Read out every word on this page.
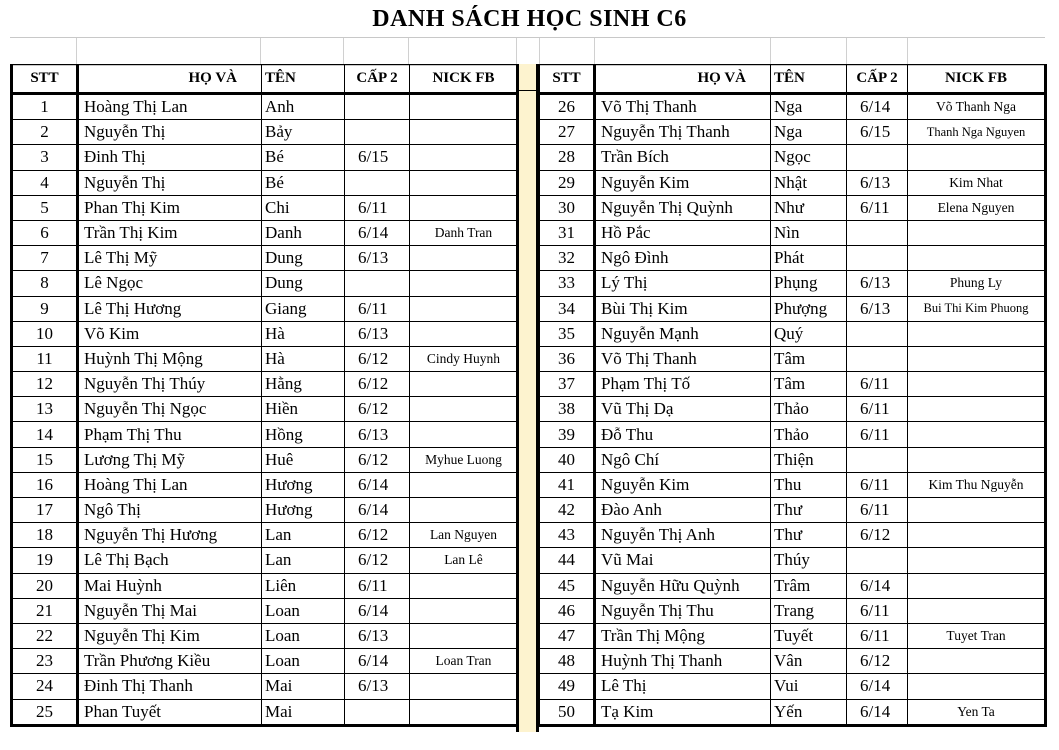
DANH SÁCH HỌC SINH C6
STT	HỌ VÀ	TÊN	CẤP 2	NICK FB
1	Hoàng Thị Lan	Anh		
2	Nguyễn Thị	Bảy		
3	Đinh Thị	Bé	6/15	
4	Nguyễn Thị	Bé		
5	Phan Thị Kim	Chi	6/11	
6	Trần Thị Kim	Danh	6/14	Danh Tran
7	Lê Thị Mỹ	Dung	6/13	
8	Lê Ngọc	Dung		
9	Lê Thị Hương	Giang	6/11	
10	Võ Kim	Hà	6/13	
11	Huỳnh Thị Mộng	Hà	6/12	Cindy Huynh
12	Nguyễn Thị Thúy	Hằng	6/12	
13	Nguyễn Thị Ngọc	Hiền	6/12	
14	Phạm Thị Thu	Hồng	6/13	
15	Lương Thị Mỹ	Huê	6/12	Myhue Luong
16	Hoàng Thị Lan	Hương	6/14	
17	Ngô Thị	Hương	6/14	
18	Nguyễn Thị Hương	Lan	6/12	Lan Nguyen
19	Lê Thị Bạch	Lan	6/12	Lan Lê
20	Mai Huỳnh	Liên	6/11	
21	Nguyễn Thị Mai	Loan	6/14	
22	Nguyễn Thị Kim	Loan	6/13	
23	Trần Phương Kiều	Loan	6/14	Loan Tran
24	Đinh Thị Thanh	Mai	6/13	
25	Phan Tuyết	Mai		
STT	HỌ VÀ	TÊN	CẤP 2	NICK FB
26	Võ Thị Thanh	Nga	6/14	Võ Thanh Nga
27	Nguyễn Thị Thanh	Nga	6/15	Thanh Nga Nguyen
28	Trần Bích	Ngọc		
29	Nguyễn Kim	Nhật	6/13	Kim Nhat
30	Nguyễn Thị Quỳnh	Như	6/11	Elena Nguyen
31	Hồ Pắc	Nìn		
32	Ngô Đình	Phát		
33	Lý Thị	Phụng	6/13	Phung Ly
34	Bùi Thị Kim	Phượng	6/13	Bui Thi Kim Phuong
35	Nguyễn Mạnh	Quý		
36	Võ Thị Thanh	Tâm		
37	Phạm Thị Tố	Tâm	6/11	
38	Vũ Thị Dạ	Thảo	6/11	
39	Đỗ Thu	Thảo	6/11	
40	Ngô Chí	Thiện		
41	Nguyễn Kim	Thu	6/11	Kim Thu Nguyễn
42	Đào Anh	Thư	6/11	
43	Nguyễn Thị Anh	Thư	6/12	
44	Vũ Mai	Thúy		
45	Nguyễn Hữu Quỳnh	Trâm	6/14	
46	Nguyễn Thị Thu	Trang	6/11	
47	Trần Thị Mộng	Tuyết	6/11	Tuyet Tran
48	Huỳnh Thị Thanh	Vân	6/12	
49	Lê Thị	Vui	6/14	
50	Tạ Kim	Yến	6/14	Yen Ta
